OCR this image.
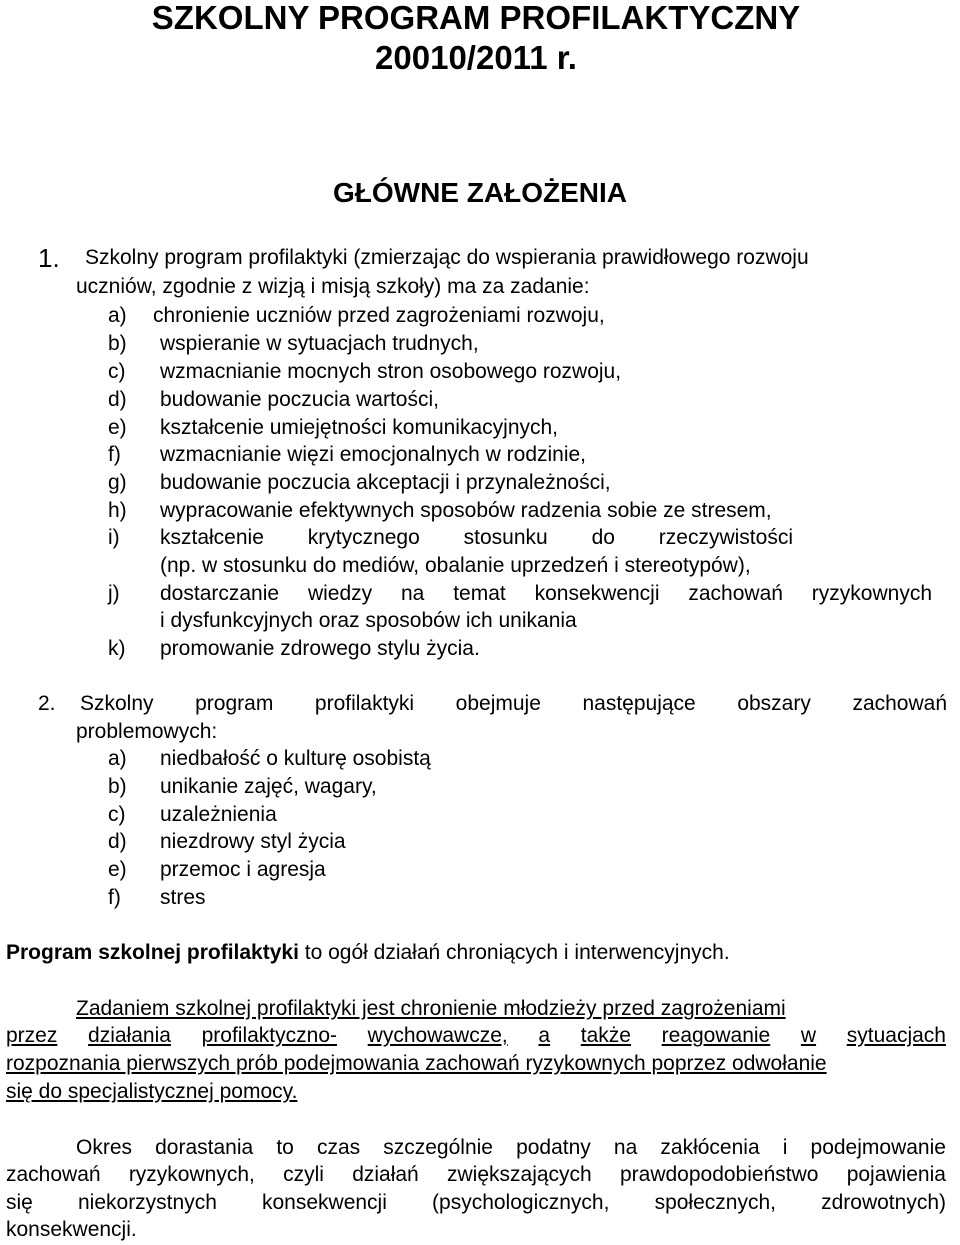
SZKOLNY PROGRAM PROFILAKTYCZNY
20010/2011 r.
GŁÓWNE ZAŁOŻENIA
1. Szkolny program profilaktyki (zmierzając do wspierania prawidłowego rozwoju
uczniów, zgodnie z wizją i misją szkoły) ma za zadanie:
a) chronienie uczniów przed zagrożeniami rozwoju,
b) wspieranie w sytuacjach trudnych,
c) wzmacnianie mocnych stron osobowego rozwoju,
d) budowanie poczucia wartości,
e) kształcenie umiejętności komunikacyjnych,
f) wzmacnianie więzi emocjonalnych w rodzinie,
g) budowanie poczucia akceptacji i przynależności,
h) wypracowanie efektywnych sposobów radzenia sobie ze stresem,
i) kształcenie krytycznego stosunku do rzeczywistości
(np. w stosunku do mediów, obalanie uprzedzeń i stereotypów),
j) dostarczanie wiedzy na temat konsekwencji zachowań ryzykownych
i dysfunkcyjnych oraz sposobów ich unikania
k) promowanie zdrowego stylu życia.
2. Szkolny program profilaktyki obejmuje następujące obszary zachowań
problemowych:
a) niedbałość o kulturę osobistą
b) unikanie zajęć, wagary,
c) uzależnienia
d) niezdrowy styl życia
e) przemoc i agresja
f) stres
Program szkolnej profilaktyki to ogół działań chroniących i interwencyjnych.
Zadaniem szkolnej profilaktyki jest chronienie młodzieży przed zagrożeniami
przez działania profilaktyczno- wychowawcze, a także reagowanie w sytuacjach
rozpoznania pierwszych prób podejmowania zachowań ryzykownych poprzez odwołanie
się do specjalistycznej pomocy.
Okres dorastania to czas szczególnie podatny na zakłócenia i podejmowanie
zachowań ryzykownych, czyli działań zwiększających prawdopodobieństwo pojawienia
się niekorzystnych konsekwencji (psychologicznych, społecznych, zdrowotnych)
konsekwencji.
